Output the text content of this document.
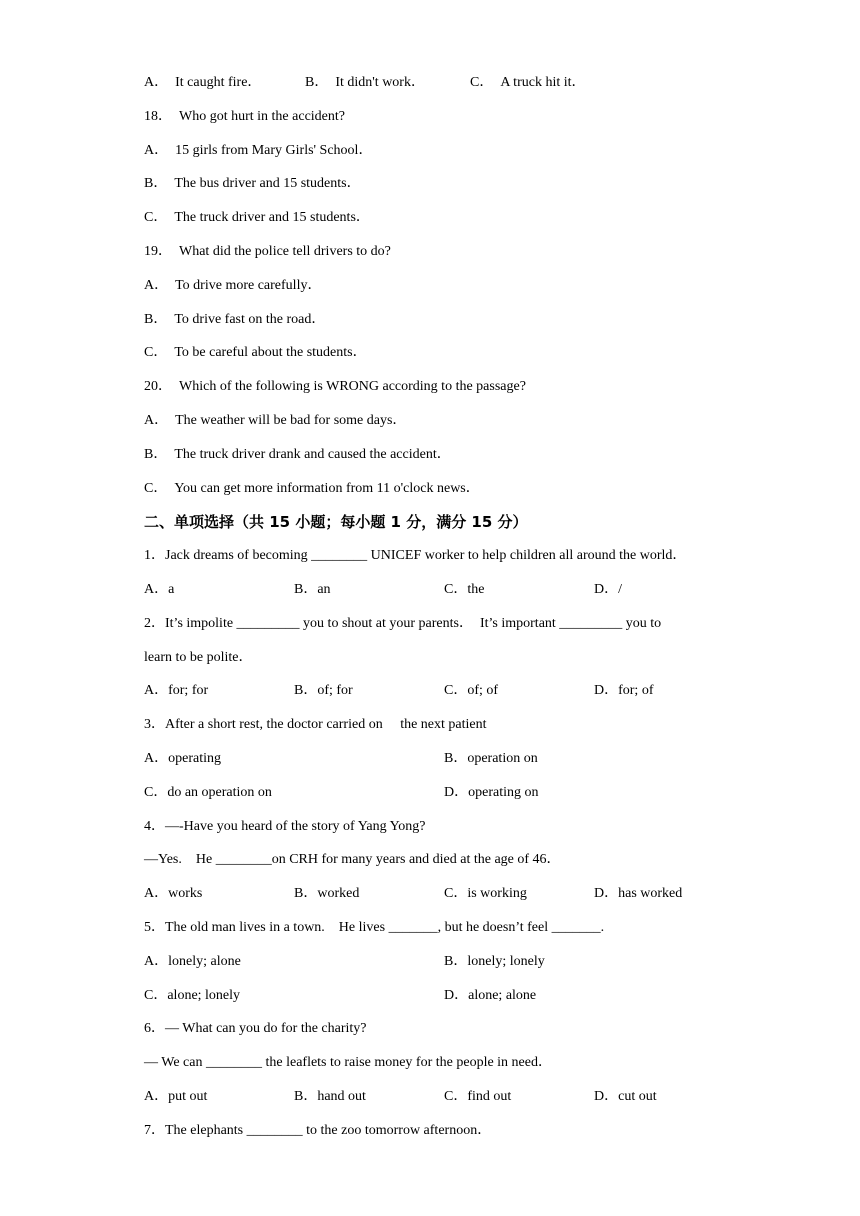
A．　It caught fire．	B．　It didn't work．	C．　A truck hit it．
18．　Who got hurt in the accident?
A．　15 girls from Mary Girls' School．
B．　The bus driver and 15 students．
C．　The truck driver and 15 students．
19．　What did the police tell drivers to do?
A．　To drive more carefully．
B．　To drive fast on the road．
C．　To be careful about the students．
20．　Which of the following is WRONG according to the passage?
A．　The weather will be bad for some days．
B．　The truck driver drank and caused the accident．
C．　You can get more information from 11 o'clock news．
二、单项选择（共 15 小题；每小题 1 分，满分 15 分）
1．Jack dreams of becoming ________ UNICEF worker to help children all around the world．
A．a	B．an	C．the	D．/
2．It’s impolite _________ you to shout at your parents．　It’s important _________ you to
learn to be polite．
A．for; for	B．of; for	C．of; of	D．for; of
3．After a short rest, the doctor carried on　 the next patient
A．operating	B．operation on
C．do an operation on	D．operating on
4．—-Have you heard of the story of Yang Yong?
—Yes.　He ________on CRH for many years and died at the age of 46．
A．works	B．worked	C．is working	D．has worked
5．The old man lives in a town.　He lives _______, but he doesn’t feel _______.
A．lonely; alone	B．lonely; lonely
C．alone; lonely	D．alone; alone
6．— What can you do for the charity?
— We can ________ the leaflets to raise money for the people in need．
A．put out	B．hand out	C．find out	D．cut out
7．The elephants ________ to the zoo tomorrow afternoon．
